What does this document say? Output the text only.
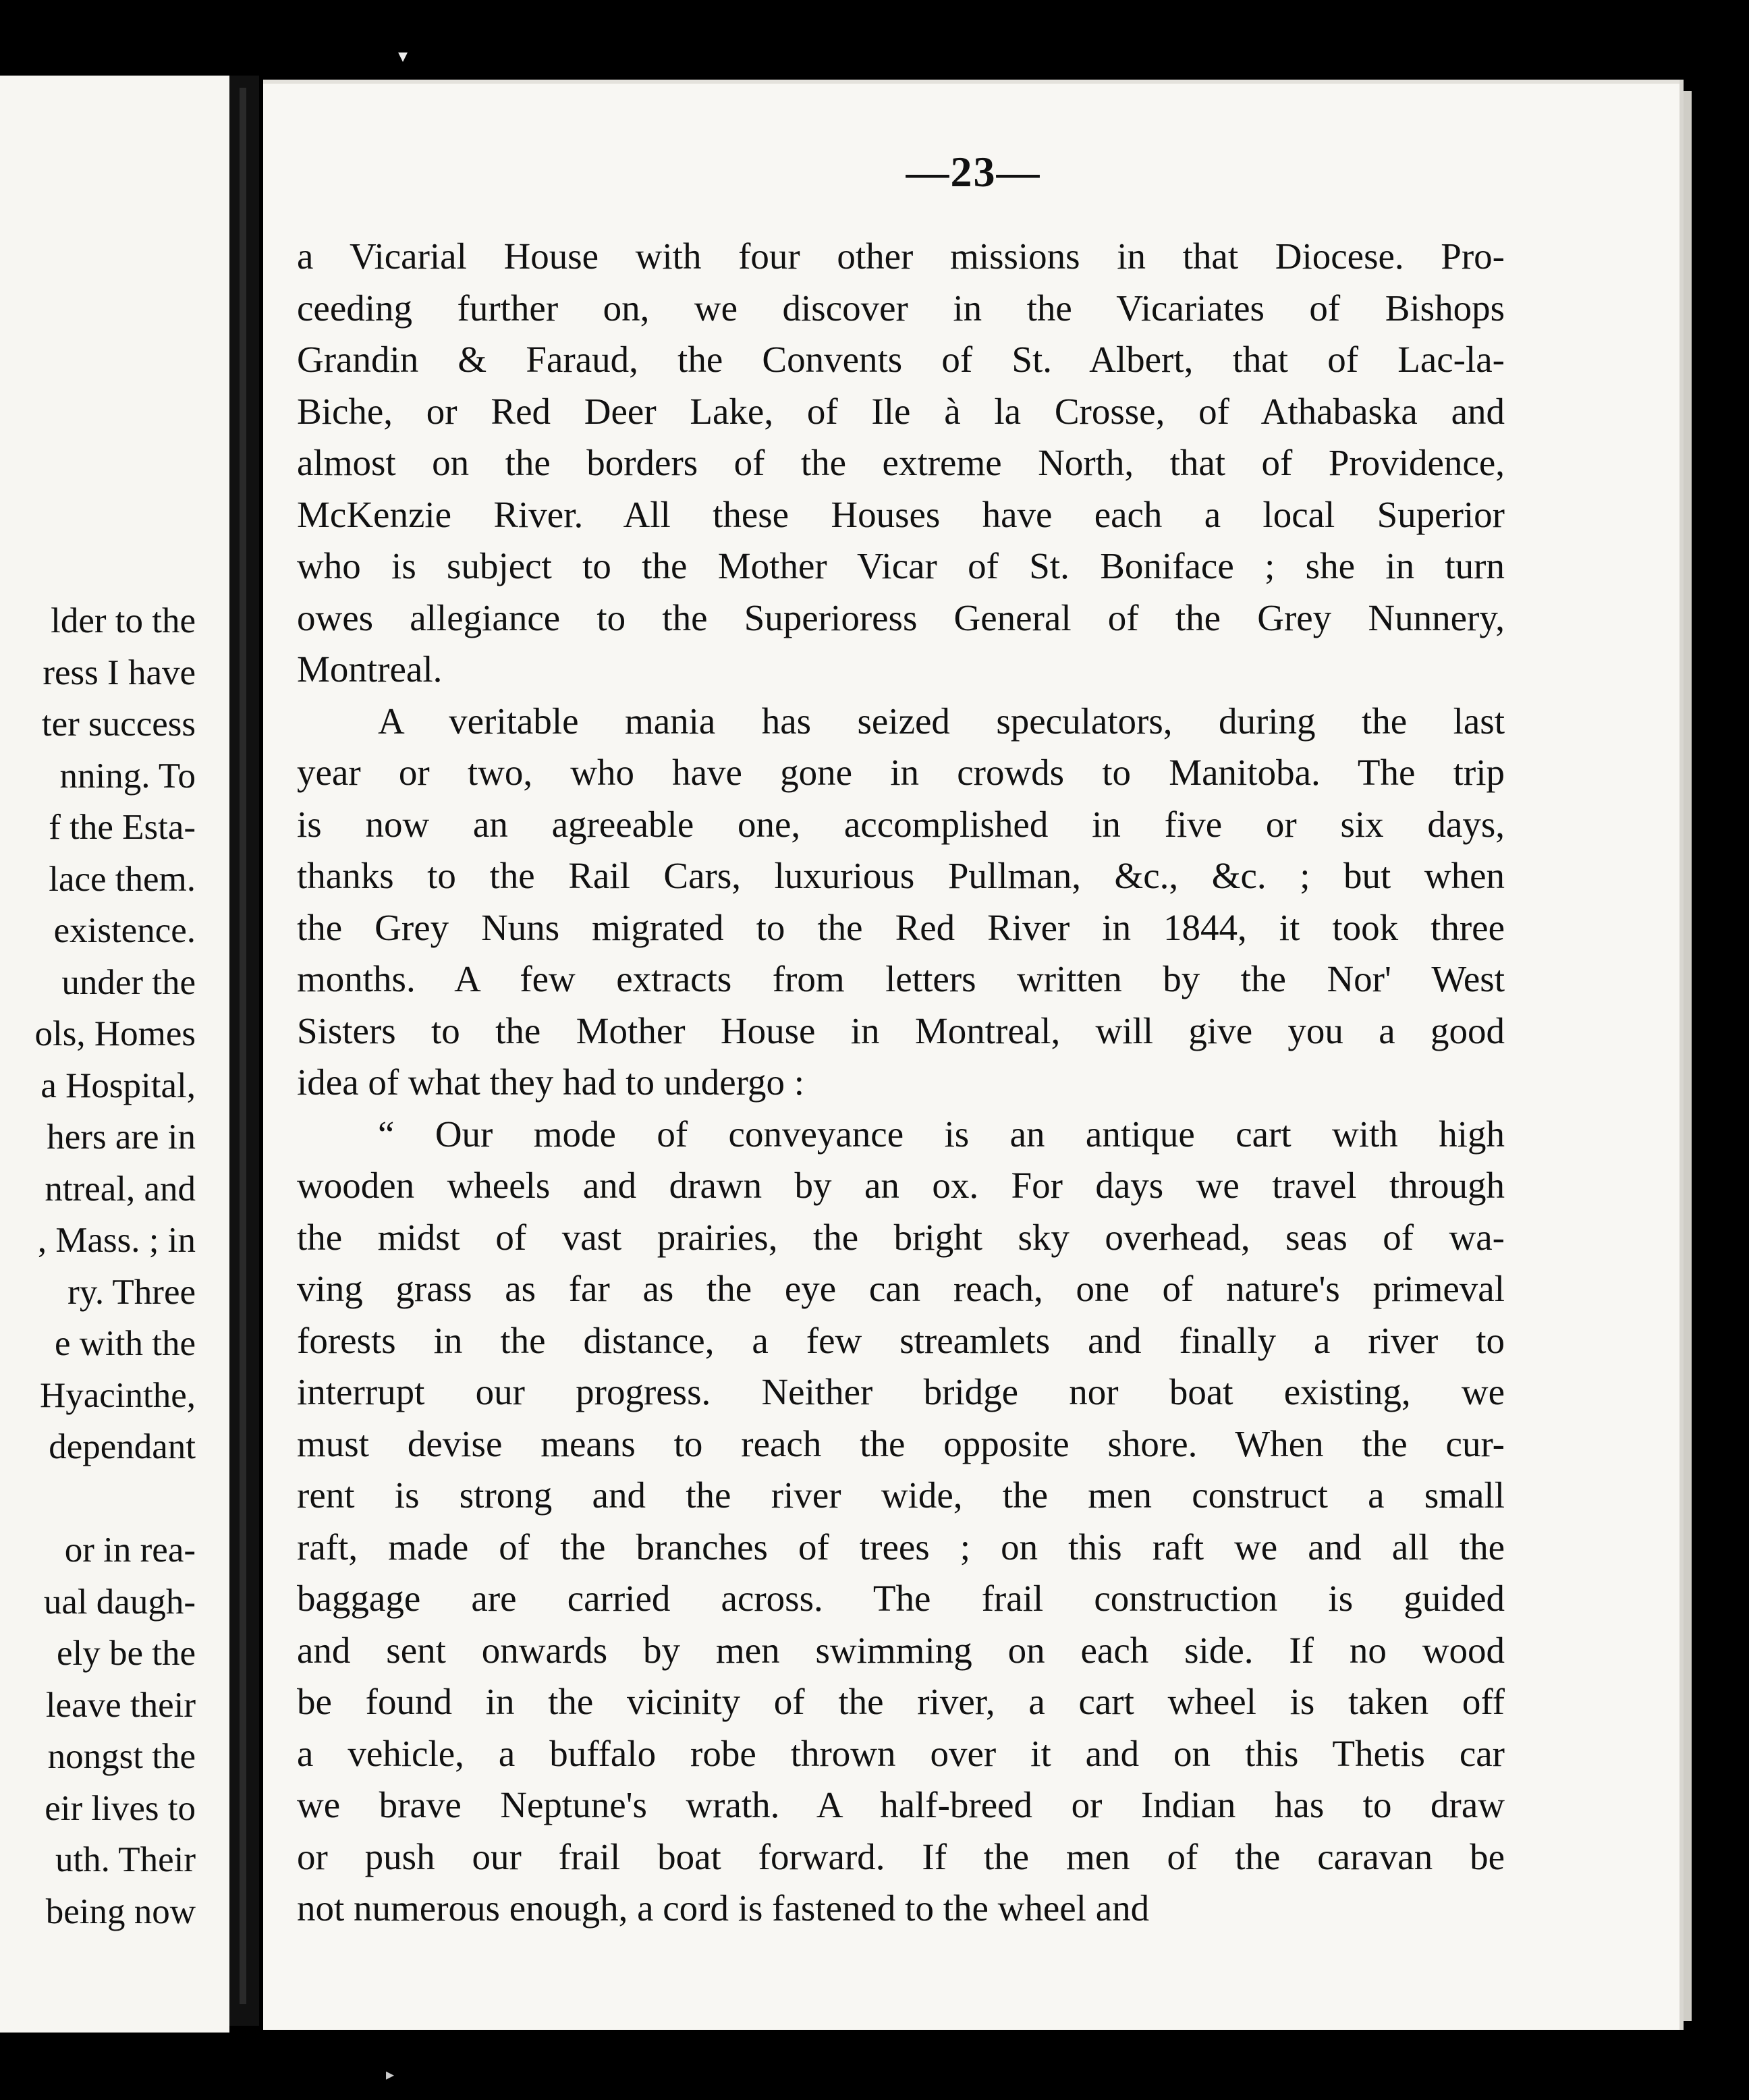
lder to the
ress I have
ter success
nning. To
f the Esta-
lace them.
existence.
under the
ols, Homes
a Hospital,
hers are in
ntreal, and
, Mass. ; in
ry. Three
e with the
Hyacinthe,
dependant
or in rea-
ual daugh-
ely be the
leave their
nongst the
eir lives to
uth. Their
being now
▾
—23—
a Vicarial House with four other missions in that Diocese. Pro-
ceeding further on, we discover in the Vicariates of Bishops
Grandin & Faraud, the Convents of St. Albert, that of Lac-la-
Biche, or Red Deer Lake, of Ile à la Crosse, of Athabaska and
almost on the borders of the extreme North, that of Providence,
McKenzie River. All these Houses have each a local Superior
who is subject to the Mother Vicar of St. Boniface ; she in turn
owes allegiance to the Superioress General of the Grey Nunnery,
Montreal.
A veritable mania has seized speculators, during the last
year or two, who have gone in crowds to Manitoba. The trip
is now an agreeable one, accomplished in five or six days,
thanks to the Rail Cars, luxurious Pullman, &c., &c. ; but when
the Grey Nuns migrated to the Red River in 1844, it took three
months. A few extracts from letters written by the Nor' West
Sisters to the Mother House in Montreal, will give you a good
idea of what they had to undergo :
“ Our mode of conveyance is an antique cart with high
wooden wheels and drawn by an ox. For days we travel through
the midst of vast prairies, the bright sky overhead, seas of wa-
ving grass as far as the eye can reach, one of nature's primeval
forests in the distance, a few streamlets and finally a river to
interrupt our progress. Neither bridge nor boat existing, we
must devise means to reach the opposite shore. When the cur-
rent is strong and the river wide, the men construct a small
raft, made of the branches of trees ; on this raft we and all the
baggage are carried across. The frail construction is guided
and sent onwards by men swimming on each side. If no wood
be found in the vicinity of the river, a cart wheel is taken off
a vehicle, a buffalo robe thrown over it and on this Thetis car
we brave Neptune's wrath. A half-breed or Indian has to draw
or push our frail boat forward. If the men of the caravan be
not numerous enough, a cord is fastened to the wheel and
▸
